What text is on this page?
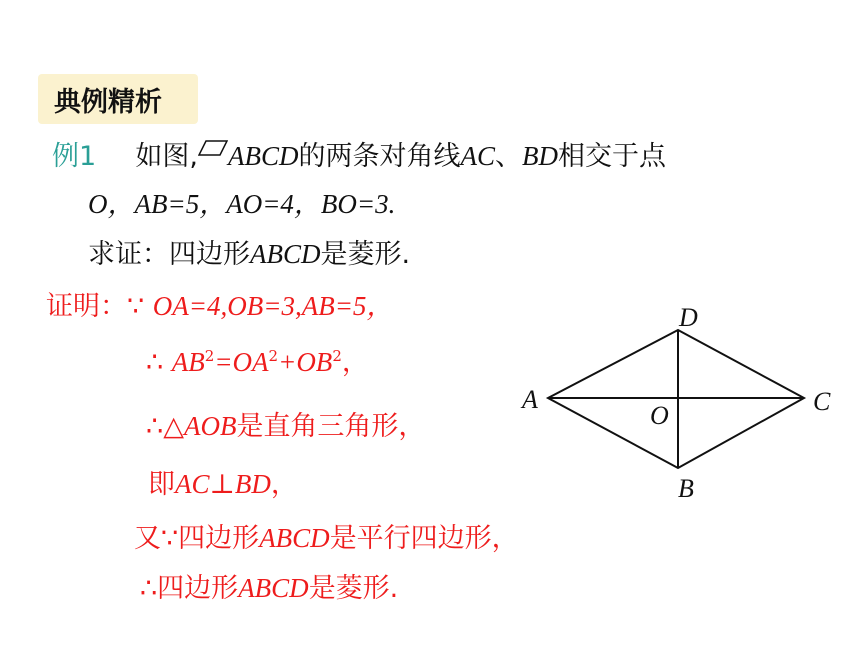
典例精析
例1 如图, ABCD的两条对角线AC、BD相交于点
O，AB=5，AO=4，BO=3.
求证：四边形ABCD是菱形.
证明：∵ OA=4,OB=3,AB=5，
∴ $AB^2=OA^2+OB^2$，
∴△AOB是直角三角形，
即AC⊥BD，
又∵四边形ABCD是平行四边形，
∴四边形ABCD是菱形.
A
D
C
B
O
